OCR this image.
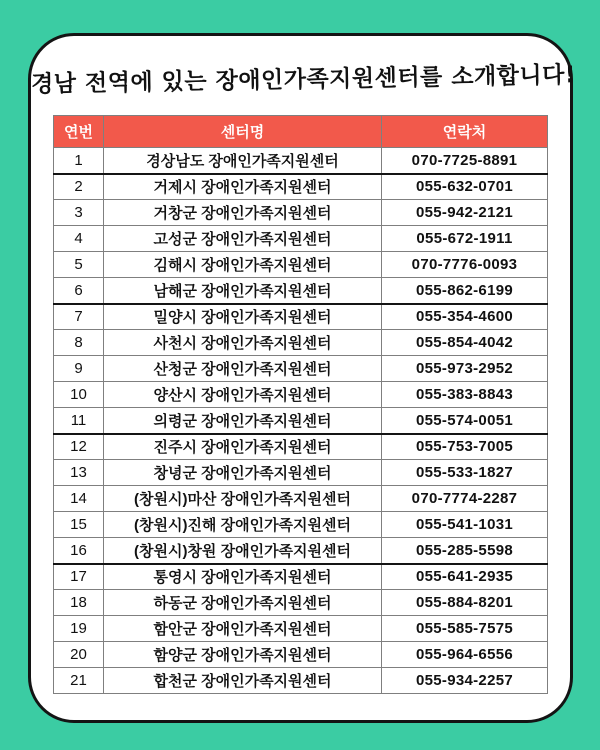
경남 전역에 있는 장애인가족지원센터를 소개합니다!
연번	센터명	연락처
1	경상남도 장애인가족지원센터	070-7725-8891
2	거제시 장애인가족지원센터	055-632-0701
3	거창군 장애인가족지원센터	055-942-2121
4	고성군 장애인가족지원센터	055-672-1911
5	김해시 장애인가족지원센터	070-7776-0093
6	남해군 장애인가족지원센터	055-862-6199
7	밀양시 장애인가족지원센터	055-354-4600
8	사천시 장애인가족지원센터	055-854-4042
9	산청군 장애인가족지원센터	055-973-2952
10	양산시 장애인가족지원센터	055-383-8843
11	의령군 장애인가족지원센터	055-574-0051
12	진주시 장애인가족지원센터	055-753-7005
13	창녕군 장애인가족지원센터	055-533-1827
14	(창원시)마산 장애인가족지원센터	070-7774-2287
15	(창원시)진해 장애인가족지원센터	055-541-1031
16	(창원시)창원 장애인가족지원센터	055-285-5598
17	통영시 장애인가족지원센터	055-641-2935
18	하동군 장애인가족지원센터	055-884-8201
19	함안군 장애인가족지원센터	055-585-7575
20	함양군 장애인가족지원센터	055-964-6556
21	합천군 장애인가족지원센터	055-934-2257
